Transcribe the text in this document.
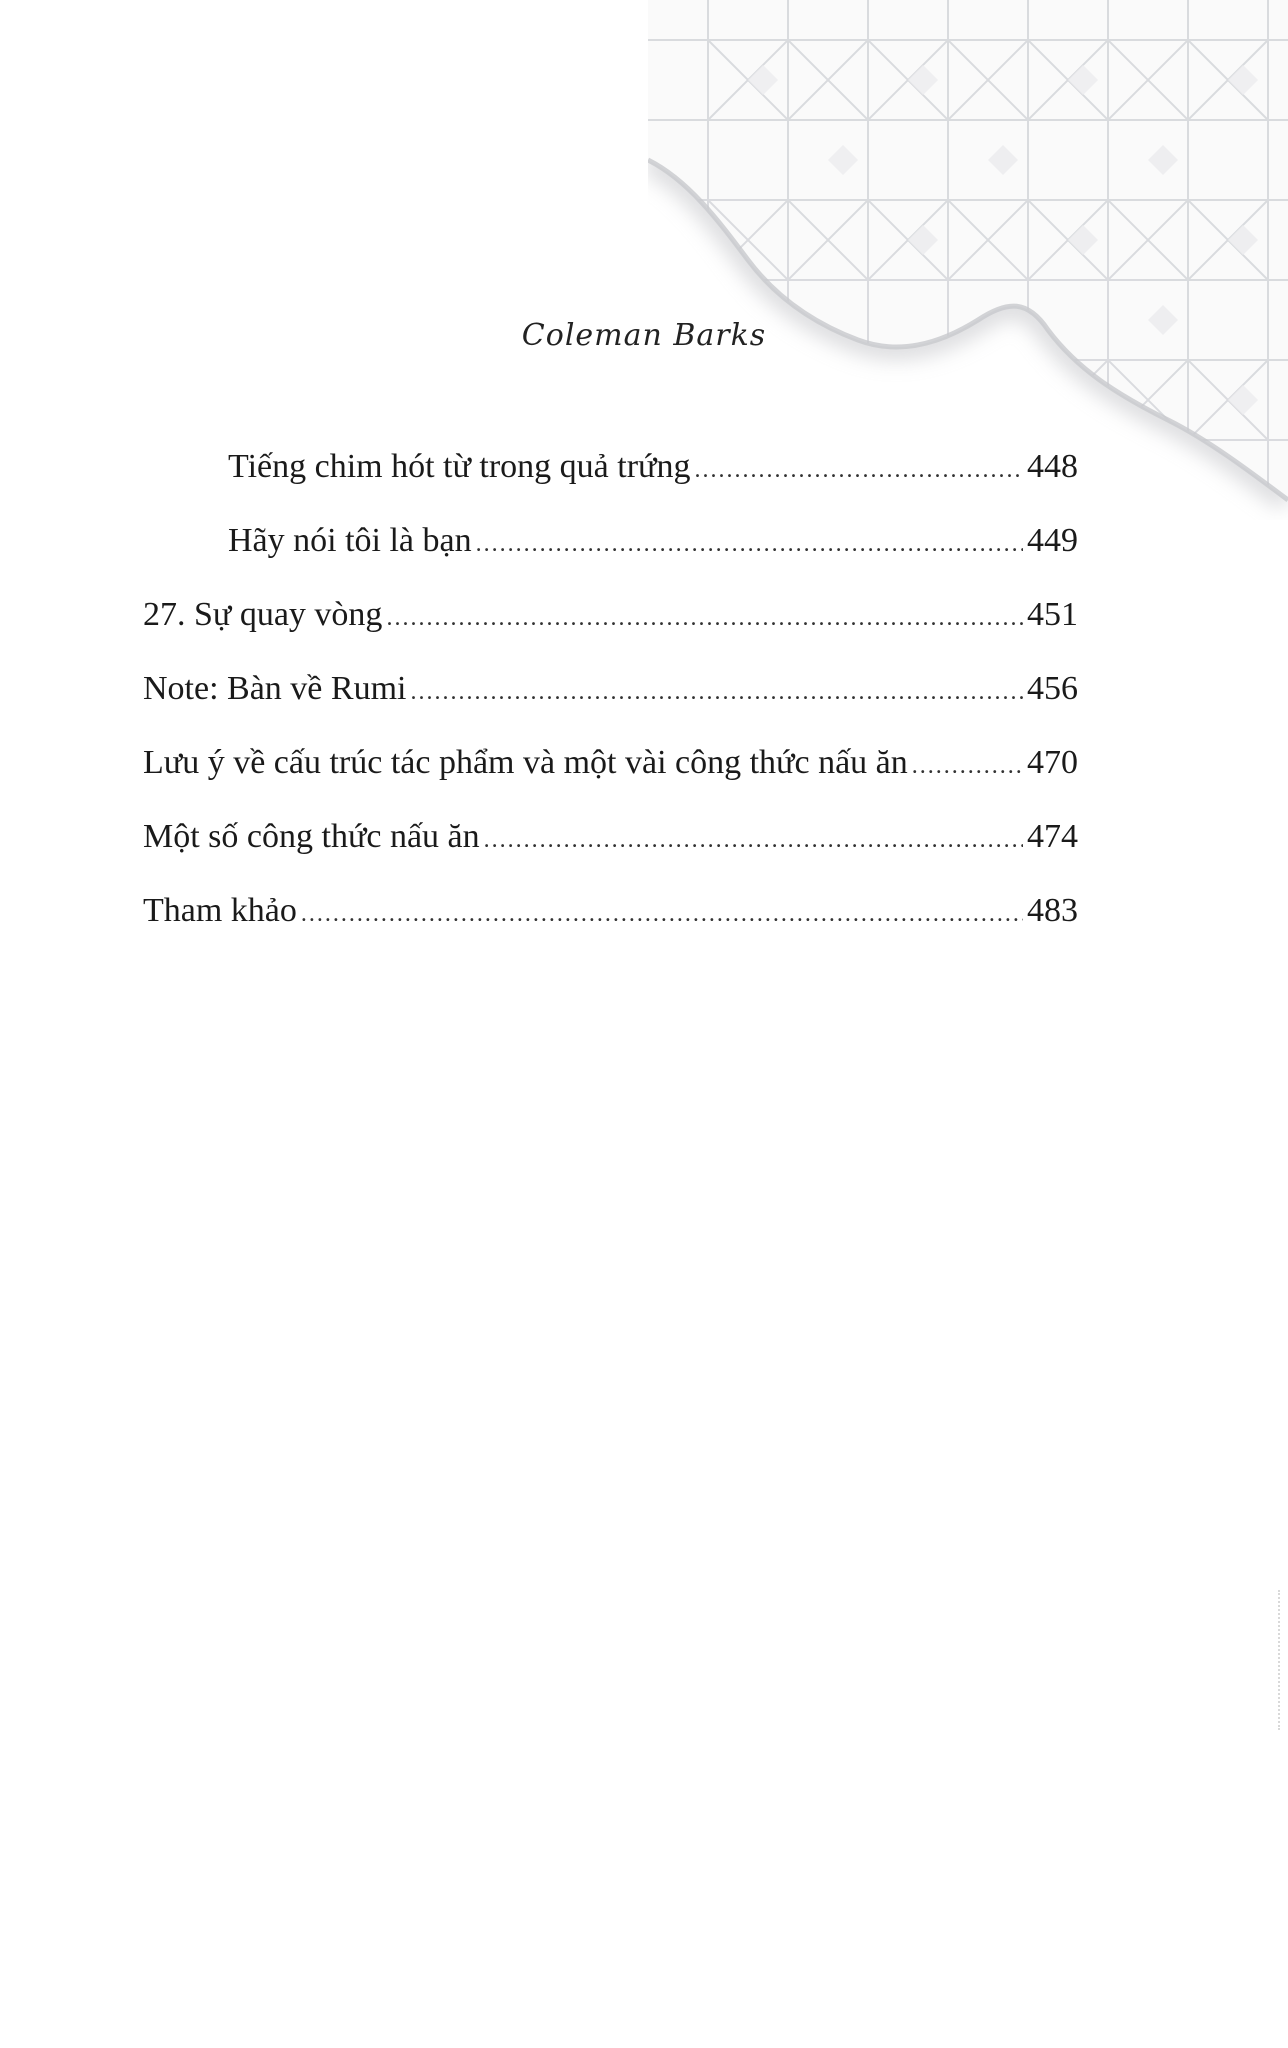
Coleman Barks
Tiếng chim hót từ trong quả trứng .....	448
Hãy nói tôi là bạn .....	449
27. Sự quay vòng .....	451
Note: Bàn về Rumi .....	456
Lưu ý về cấu trúc tác phẩm và một vài công thức nấu ăn .....	470
Một số công thức nấu ăn .....	474
Tham khảo .....	483
